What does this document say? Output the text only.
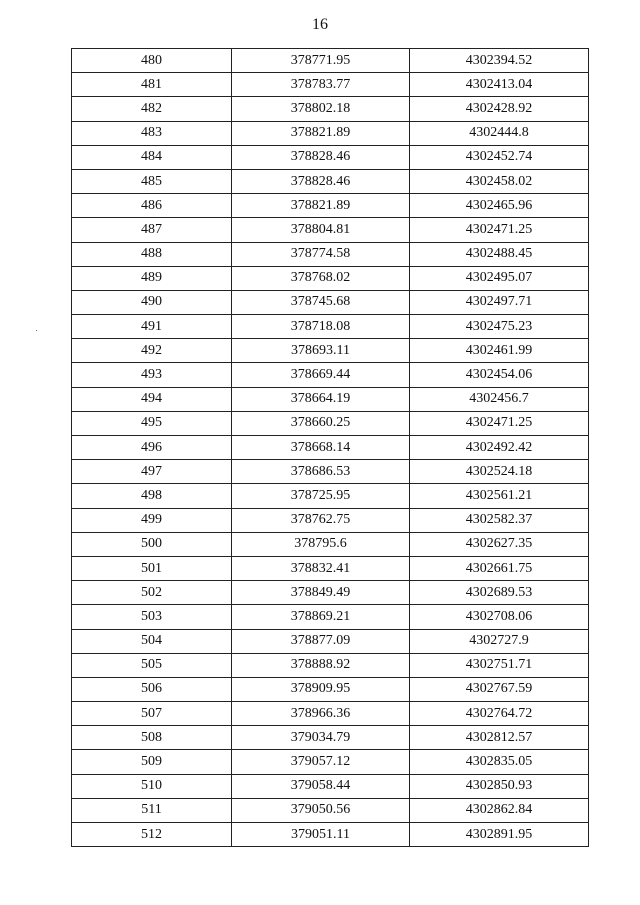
16
480	378771.95	4302394.52
481	378783.77	4302413.04
482	378802.18	4302428.92
483	378821.89	4302444.8
484	378828.46	4302452.74
485	378828.46	4302458.02
486	378821.89	4302465.96
487	378804.81	4302471.25
488	378774.58	4302488.45
489	378768.02	4302495.07
490	378745.68	4302497.71
491	378718.08	4302475.23
492	378693.11	4302461.99
493	378669.44	4302454.06
494	378664.19	4302456.7
495	378660.25	4302471.25
496	378668.14	4302492.42
497	378686.53	4302524.18
498	378725.95	4302561.21
499	378762.75	4302582.37
500	378795.6	4302627.35
501	378832.41	4302661.75
502	378849.49	4302689.53
503	378869.21	4302708.06
504	378877.09	4302727.9
505	378888.92	4302751.71
506	378909.95	4302767.59
507	378966.36	4302764.72
508	379034.79	4302812.57
509	379057.12	4302835.05
510	379058.44	4302850.93
511	379050.56	4302862.84
512	379051.11	4302891.95
